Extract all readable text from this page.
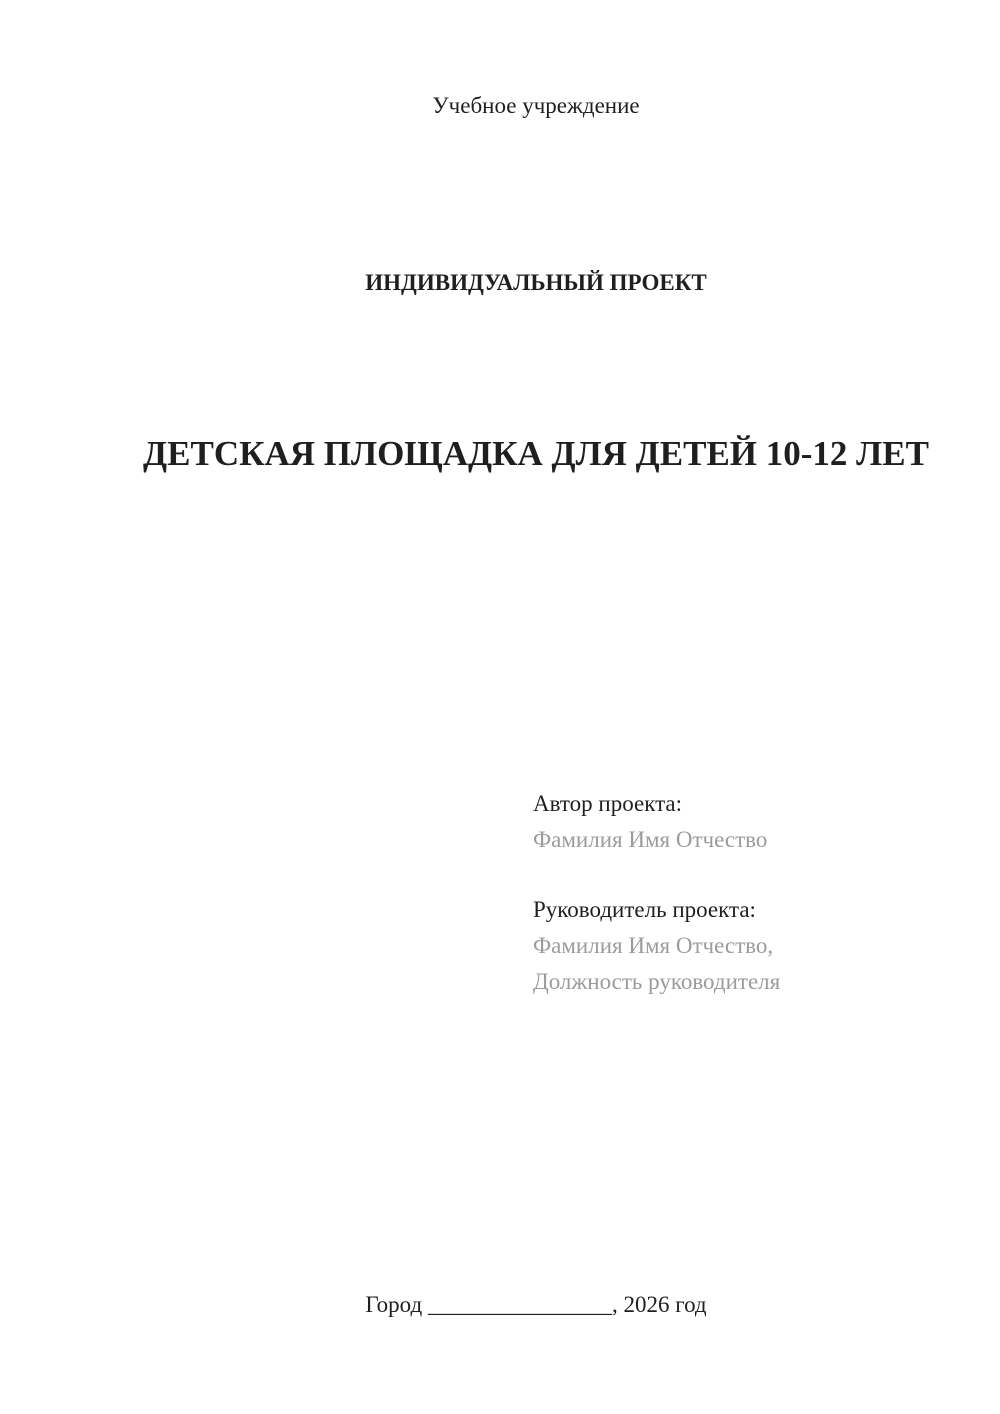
Учебное учреждение
ИНДИВИДУАЛЬНЫЙ ПРОЕКТ
ДЕТСКАЯ ПЛОЩАДКА ДЛЯ ДЕТЕЙ 10-12 ЛЕТ
Автор проекта:
Фамилия Имя Отчество
Руководитель проекта:
Фамилия Имя Отчество,
Должность руководителя
Город ________________, 2026 год
